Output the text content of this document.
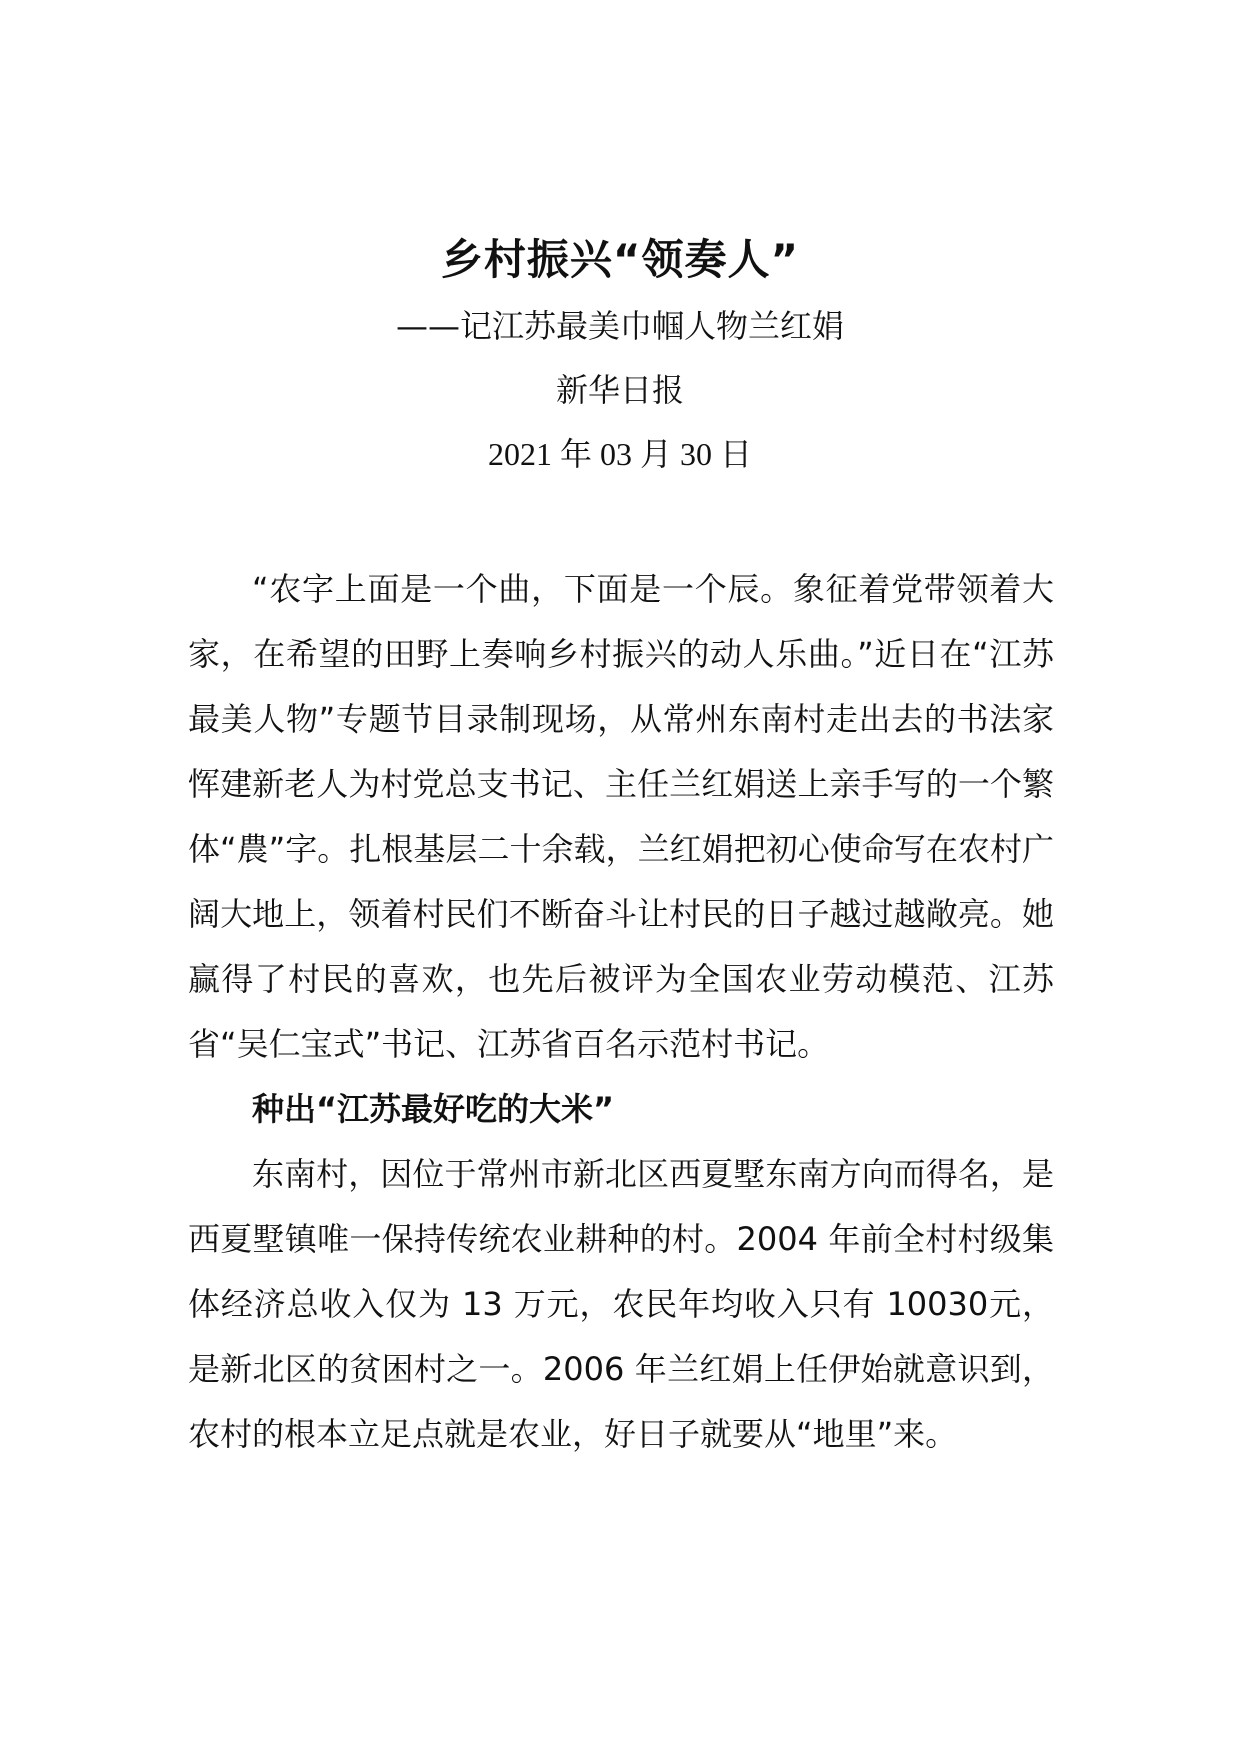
乡村振兴“领奏人”
——记江苏最美巾帼人物兰红娟
新华日报
2021 年 03 月 30 日

“农字上面是一个曲，下面是一个辰。象征着党带领着大家，在希望的田野上奏响乡村振兴的动人乐曲。”近日在“江苏最美人物”专题节目录制现场，从常州东南村走出去的书法家恽建新老人为村党总支书记、主任兰红娟送上亲手写的一个繁体“農”字。扎根基层二十余载，兰红娟把初心使命写在农村广阔大地上，领着村民们不断奋斗让村民的日子越过越敞亮。她赢得了村民的喜欢，也先后被评为全国农业劳动模范、江苏省“吴仁宝式”书记、江苏省百名示范村书记。

种出“江苏最好吃的大米”

东南村，因位于常州市新北区西夏墅东南方向而得名，是西夏墅镇唯一保持传统农业耕种的村。2004 年前全村村级集体经济总收入仅为 13 万元，农民年均收入只有 10030元，是新北区的贫困村之一。2006 年兰红娟上任伊始就意识到，农村的根本立足点就是农业，好日子就要从“地里”来。
